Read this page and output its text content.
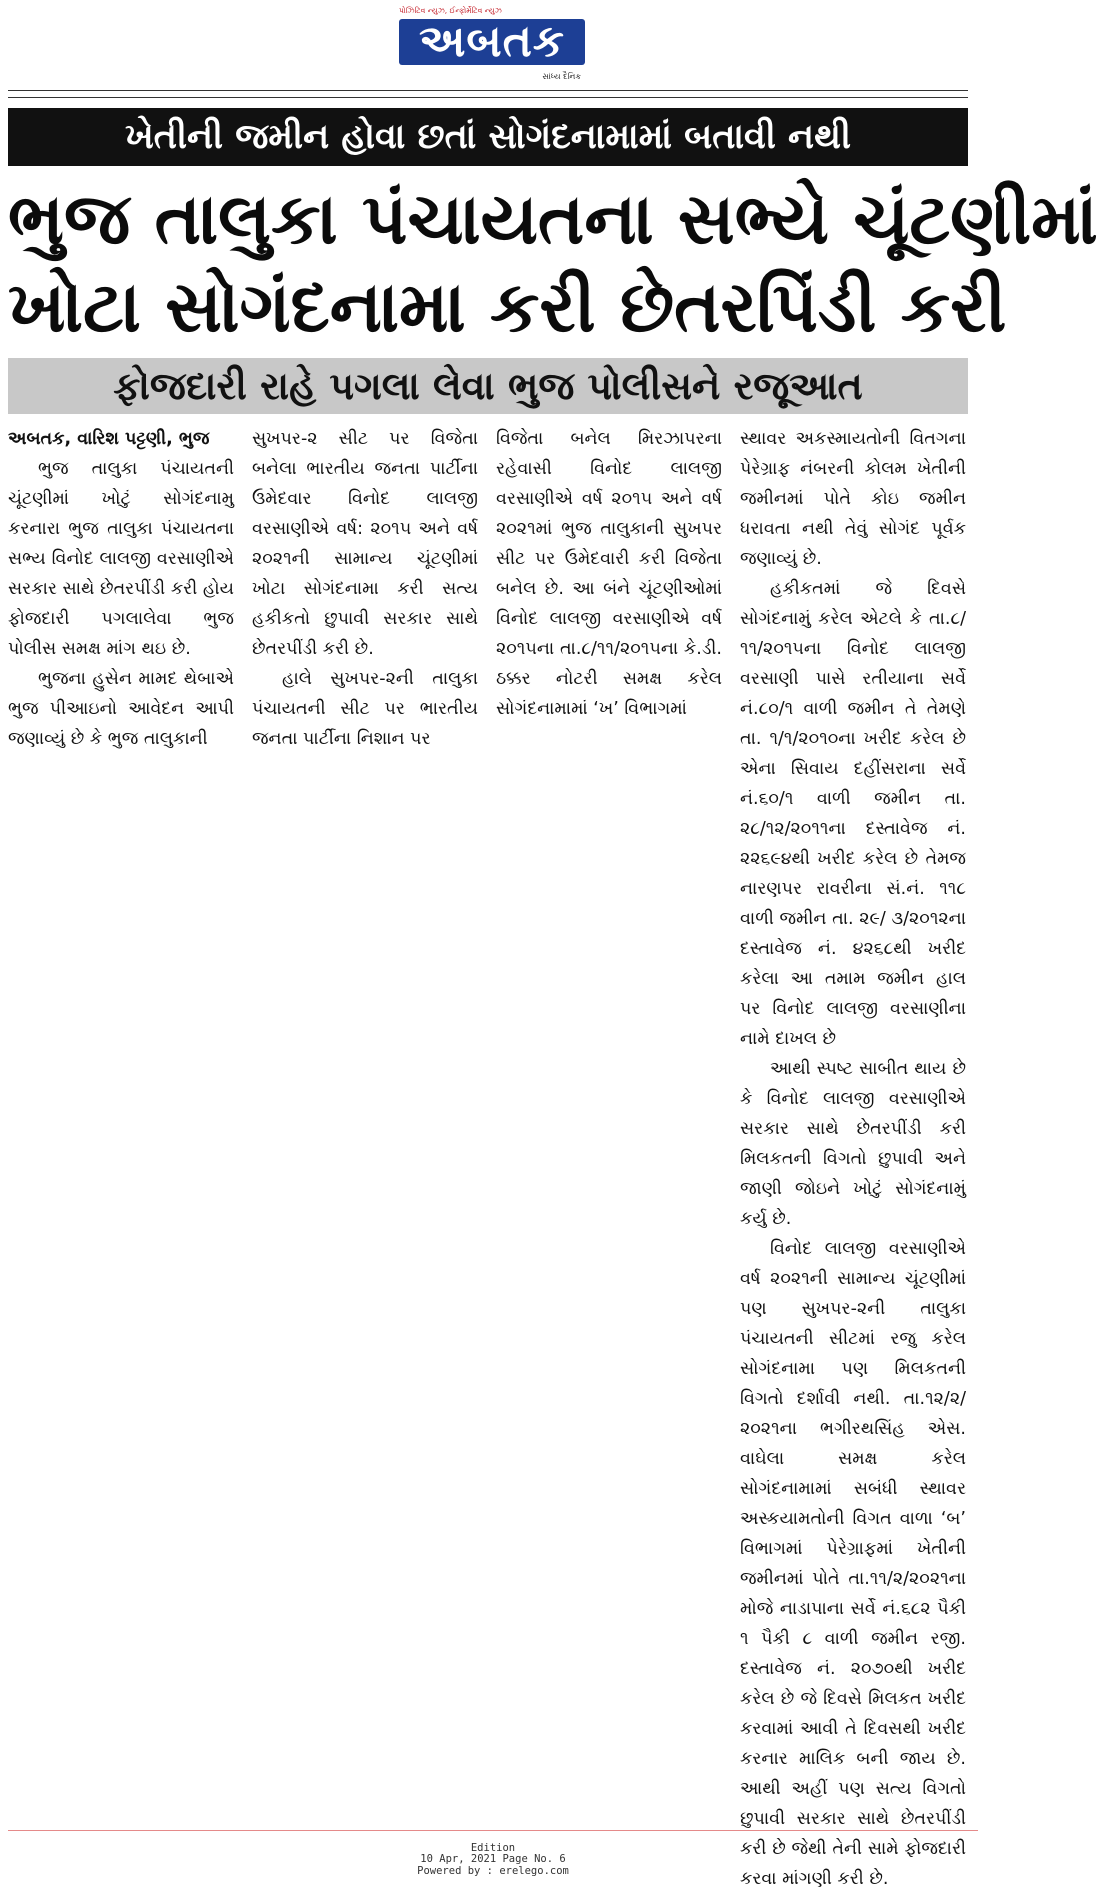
પોઝિટિવ ન્યુઝ, ઈન્ફોર્મેટિવ ન્યુઝ
અબતક
સાંધ્ય દૈનિક
ખેતીની જમીન હોવા છતાં સોગંદનામામાં બતાવી નથી
ભુજ તાલુકા પંચાયતના સભ્યે ચૂંટણીમાં
ખોટા સોગંદનામા કરી છેતરપિંડી કરી
ફોજદારી રાહે પગલા લેવા ભુજ પોલીસને રજૂઆત

અબતક, વારિશ પટ્ટણી, ભુજ

ભુજ તાલુકા પંચાયતની ચૂંટણીમાં ખોટું સોગંદનામુ કરનારા ભુજ તાલુકા પંચાયતના સભ્ય વિનોદ લાલજી વરસાણીએ સરકાર સાથે છેતરપીંડી કરી હોય ફોજદારી પગલાલેવા ભુજ પોલીસ સમક્ષ માંગ થઇ છે.

ભુજના હુસેન મામદ થેબાએ ભુજ પીઆઇનો આવેદન આપી જણાવ્યું છે કે ભુજ તાલુકાની

સુખપર-૨ સીટ પર વિજેતા બનેલા ભારતીય જનતા પાર્ટીના ઉમેદવાર વિનોદ લાલજી વરસાણીએ વર્ષ: ૨૦૧૫ અને વર્ષ ૨૦૨૧ની સામાન્ય ચૂંટણીમાં ખોટા સોગંદનામા કરી સત્ય હકીકતો છુપાવી સરકાર સાથે છેતરપીંડી કરી છે.

હાલે સુખપર-૨ની તાલુકા પંચાયતની સીટ પર ભારતીય જનતા પાર્ટીના નિશાન પર

વિજેતા બનેલ મિરઝાપરના રહેવાસી વિનોદ લાલજી વરસાણીએ વર્ષ ૨૦૧૫ અને વર્ષ ૨૦૨૧માં ભુજ તાલુકાની સુખપર સીટ પર ઉમેદવારી કરી વિજેતા બનેલ છે. આ બંને ચૂંટણીઓમાં વિનોદ લાલજી વરસાણીએ વર્ષ ૨૦૧૫ના તા.૮/૧૧/૨૦૧૫ના કે.ડી. ઠક્કર નોટરી સમક્ષ કરેલ સોગંદનામામાં ‘ખ’ વિભાગમાં

સ્થાવર અકસ્માયતોની વિતગના પેરેગ્રાફ નંબરની કોલમ ખેતીની જમીનમાં પોતે કોઇ જમીન ધરાવતા નથી તેવું સોગંદ પૂર્વક જણાવ્યું છે.

હકીકતમાં જે દિવસે સોગંદનામું કરેલ એટલે કે તા.૮/ ૧૧/૨૦૧૫ના વિનોદ લાલજી વરસાણી પાસે રતીયાના સર્વે નં.૮૦/૧ વાળી જમીન તે તેમણે તા. ૧/૧/૨૦૧૦ના ખરીદ કરેલ છે એના સિવાય દહીંસરાના સર્વે નં.૬૦/૧ વાળી જમીન તા. ૨૮/૧૨/૨૦૧૧ના દસ્તાવેજ નં. ૨૨૬૯૪થી ખરીદ કરેલ છે તેમજ નારણપર રાવરીના સં.નં. ૧૧૮ વાળી જમીન તા. ૨૯/ ૩/૨૦૧૨ના દસ્તાવેજ નં. ૪૨૬૮થી ખરીદ કરેલા આ તમામ જમીન હાલ પર વિનોદ લાલજી વરસાણીના નામે દાખલ છે

આથી સ્પષ્ટ સાબીત થાય છે કે વિનોદ લાલજી વરસાણીએ સરકાર સાથે છેતરપીંડી કરી મિલકતની વિગતો છુપાવી અને જાણી જોઇને ખોટું સોગંદનામું કર્યુ છે.

વિનોદ લાલજી વરસાણીએ વર્ષ ૨૦૨૧ની સામાન્ય ચૂંટણીમાં પણ સુખપર-૨ની તાલુકા પંચાયતની સીટમાં રજુ કરેલ સોગંદનામા પણ મિલકતની વિગતો દર્શાવી નથી. તા.૧૨/૨/ ૨૦૨૧ના ભગીરથસિંહ એસ. વાઘેલા સમક્ષ કરેલ સોગંદનામામાં સબંધી સ્થાવર અસ્કયામતોની વિગત વાળા ‘બ’ વિભાગમાં પેરેગ્રાફમાં ખેતીની જમીનમાં પોતે તા.૧૧/૨/૨૦૨૧ના મોજે નાડાપાના સર્વે નં.૬૮૨ પૈકી ૧ પૈકી ૮ વાળી જમીન રજી. દસ્તાવેજ નં. ૨૦૭૦થી ખરીદ કરેલ છે જે દિવસે મિલકત ખરીદ કરવામાં આવી તે દિવસથી ખરીદ કરનાર માલિક બની જાય છે. આથી અહીં પણ સત્ય વિગતો છુપાવી સરકાર સાથે છેતરપીંડી કરી છે જેથી તેની સામે ફોજદારી કરવા માંગણી કરી છે.

Edition
10 Apr, 2021 Page No. 6
Powered by : erelego.com
